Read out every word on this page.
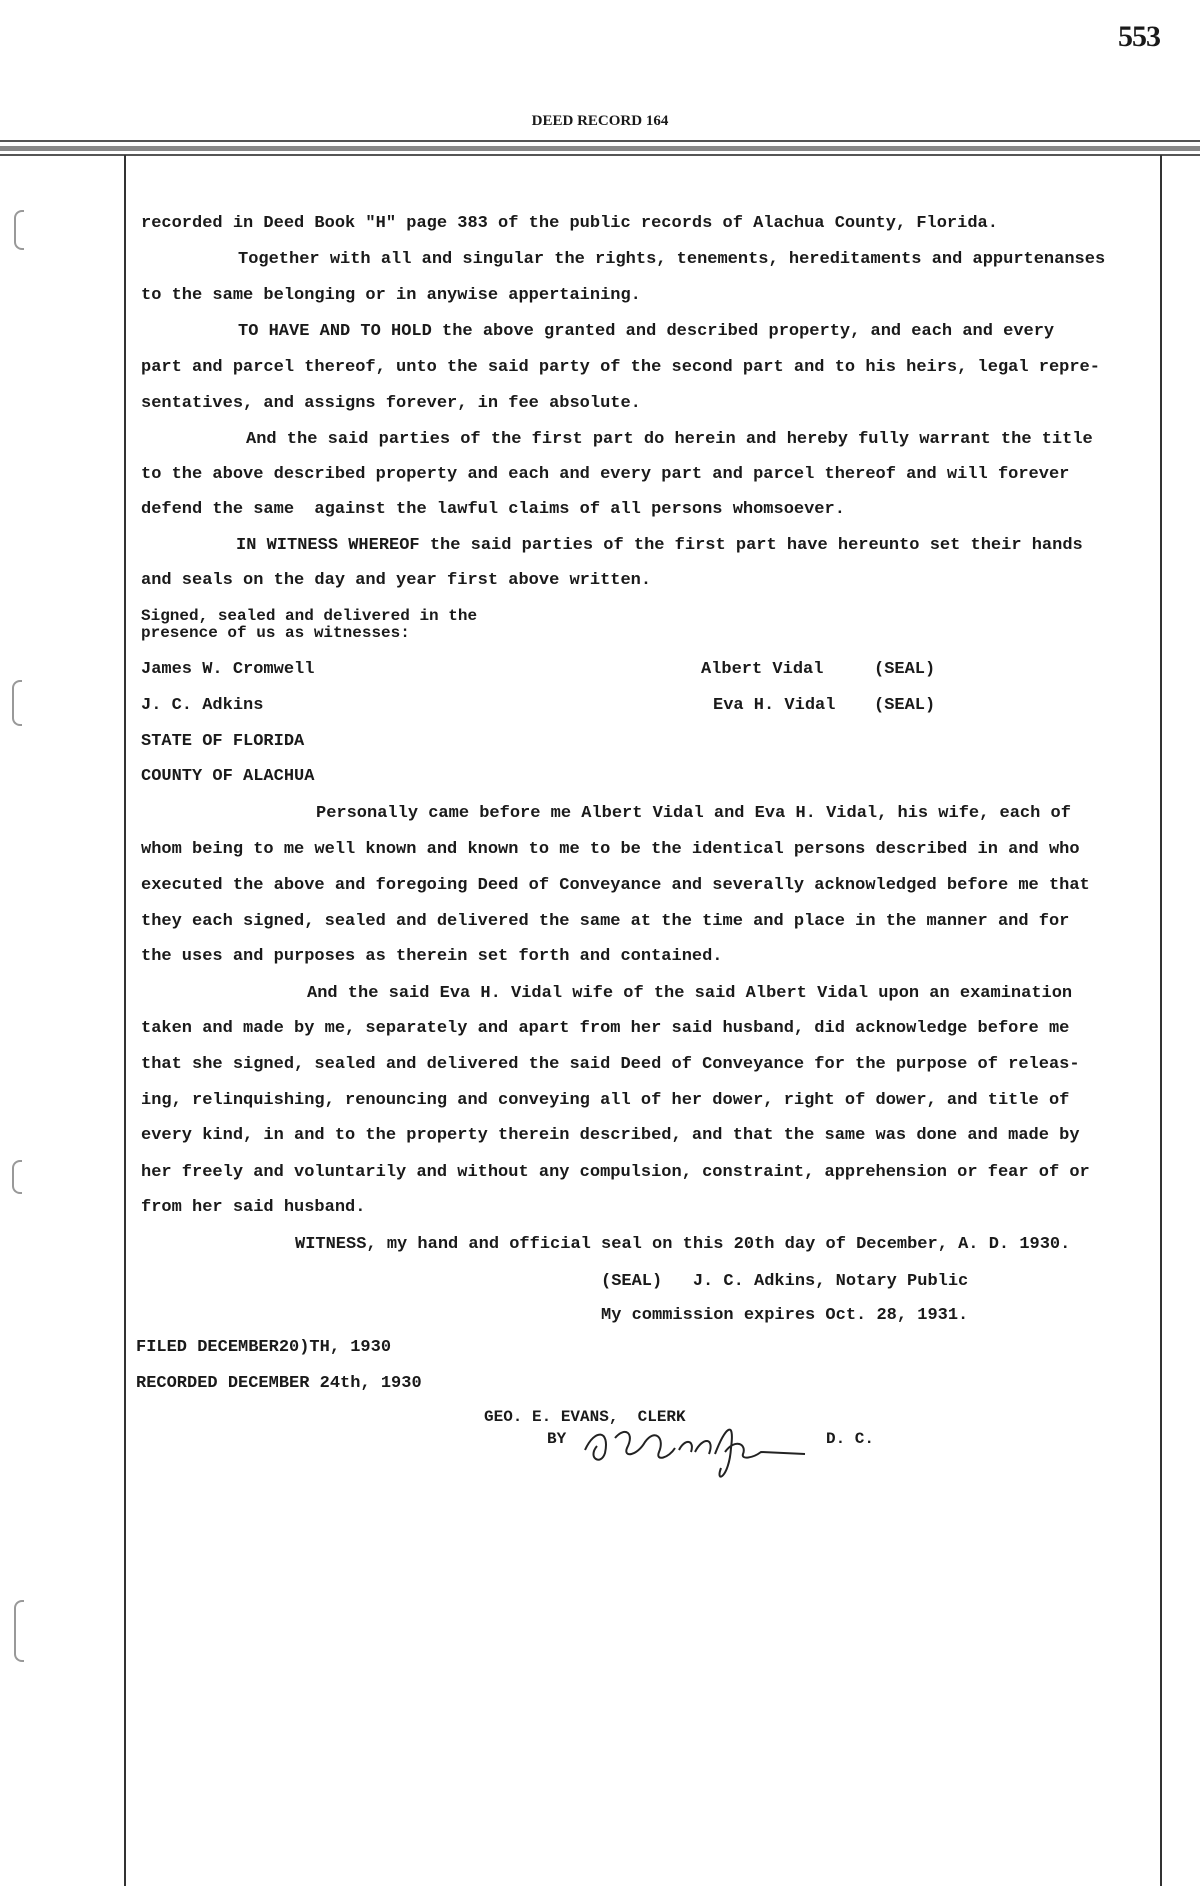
553
DEED RECORD 164
recorded in Deed Book "H" page 383 of the public records of Alachua County, Florida.
Together with all and singular the rights, tenements, hereditaments and appurtenanses
to the same belonging or in anywise appertaining.
TO HAVE AND TO HOLD the above granted and described property, and each and every
part and parcel thereof, unto the said party of the second part and to his heirs, legal repre-
sentatives, and assigns forever, in fee absolute.
And the said parties of the first part do herein and hereby fully warrant the title
to the above described property and each and every part and parcel thereof and will forever
defend the same  against the lawful claims of all persons whomsoever.
IN WITNESS WHEREOF the said parties of the first part have hereunto set their hands
and seals on the day and year first above written.
Signed, sealed and delivered in the
presence of us as witnesses:
James W. Cromwell
J. C. Adkins
Albert Vidal	(SEAL)
Eva H. Vidal (SEAL)
STATE OF FLORIDA
COUNTY OF ALACHUA
Personally came before me Albert Vidal and Eva H. Vidal, his wife, each of
whom being to me well known and known to me to be the identical persons described in and who
executed the above and foregoing Deed of Conveyance and severally acknowledged before me that
they each signed, sealed and delivered the same at the time and place in the manner and for
the uses and purposes as therein set forth and contained.
And the said Eva H. Vidal wife of the said Albert Vidal upon an examination
taken and made by me, separately and apart from her said husband, did acknowledge before me
that she signed, sealed and delivered the said Deed of Conveyance for the purpose of releas-
ing, relinquishing, renouncing and conveying all of her dower, right of dower, and title of
every kind, in and to the property therein described, and that the same was done and made by
her freely and voluntarily and without any compulsion, constraint, apprehension or fear of or
from her said husband.
WITNESS, my hand and official seal on this 20th day of December, A. D. 1930.
(SEAL)   J. C. Adkins, Notary Public
My commission expires Oct. 28, 1931.
FILED DECEMBER20)TH, 1930
RECORDED DECEMBER 24th, 1930
GEO. E. EVANS,  CLERK
BY	D. C.
